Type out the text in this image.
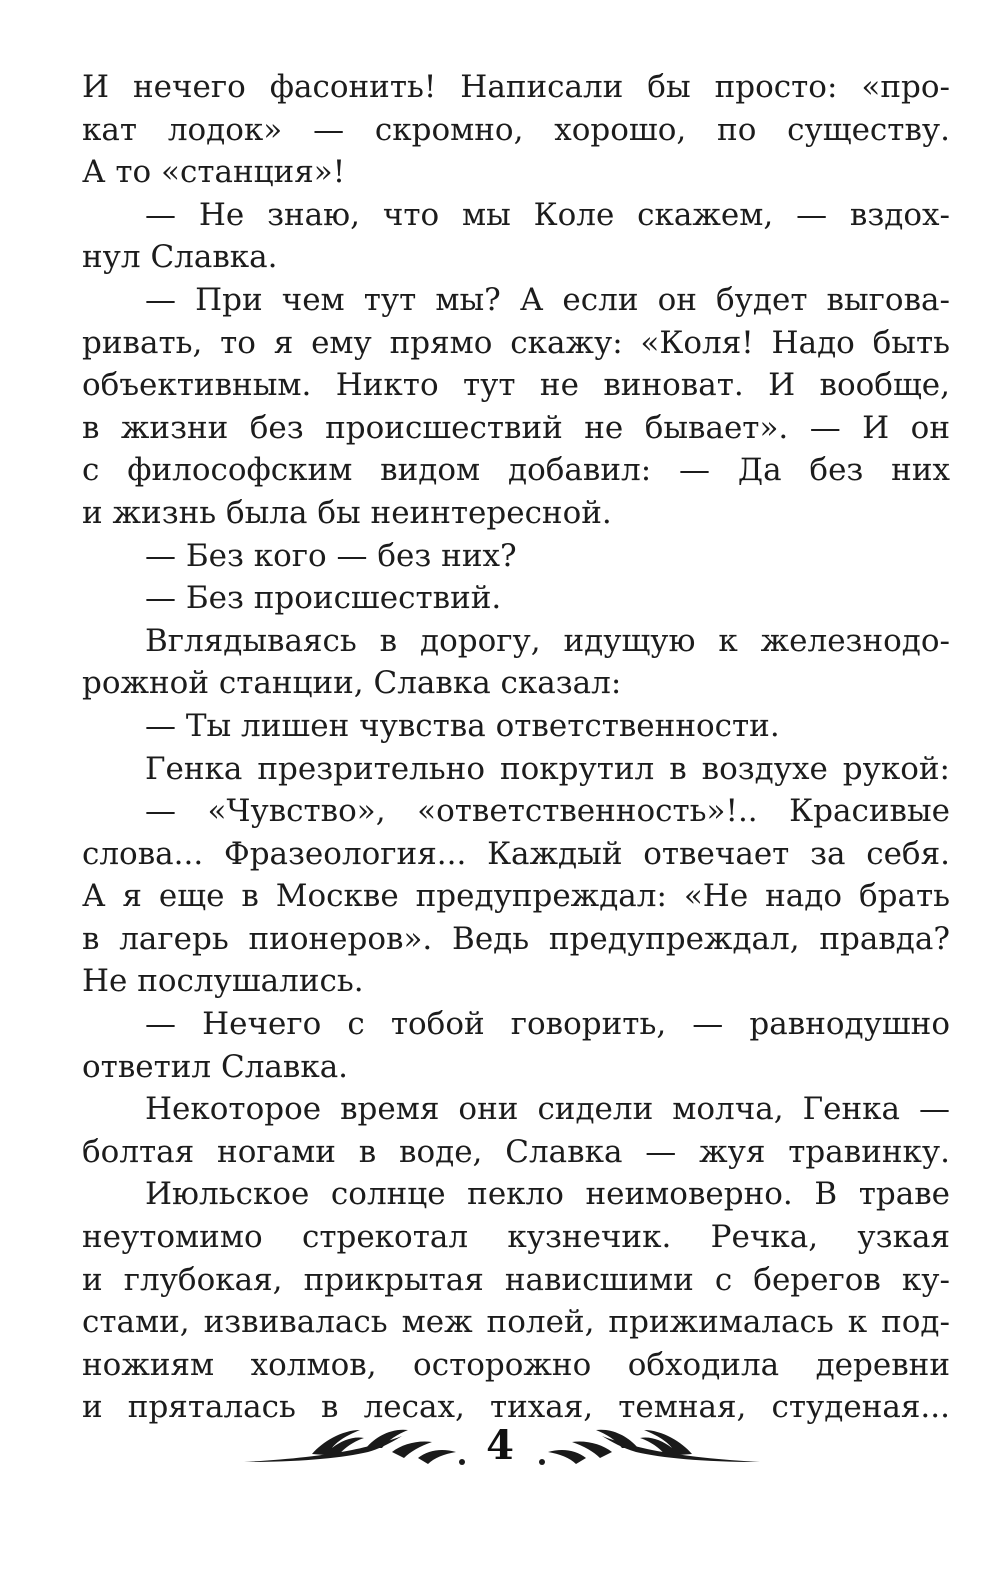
И нечего фасонить! Написали бы просто: «про-
кат лодок» — скромно, хорошо, по существу.
А то «станция»!
— Не знаю, что мы Коле скажем, — вздох-
нул Славка.
— При чем тут мы? А если он будет выгова-
ривать, то я ему прямо скажу: «Коля! Надо быть
объективным. Никто тут не виноват. И вообще,
в жизни без происшествий не бывает». — И он
с философским видом добавил: — Да без них
и жизнь была бы неинтересной.
— Без кого — без них?
— Без происшествий.
Вглядываясь в дорогу, идущую к железнодо-
рожной станции, Славка сказал:
— Ты лишен чувства ответственности.
Генка презрительно покрутил в воздухе рукой:
— «Чувство», «ответственность»!.. Красивые
слова... Фразеология... Каждый отвечает за себя.
А я еще в Москве предупреждал: «Не надо брать
в лагерь пионеров». Ведь предупреждал, правда?
Не послушались.
— Нечего с тобой говорить, — равнодушно
ответил Славка.
Некоторое время они сидели молча, Генка —
болтая ногами в воде, Славка — жуя травинку.
Июльское солнце пекло неимоверно. В траве
неутомимо стрекотал кузнечик. Речка, узкая
и глубокая, прикрытая нависшими с берегов ку-
стами, извивалась меж полей, прижималась к под-
ножиям холмов, осторожно обходила деревни
и пряталась в лесах, тихая, темная, студеная...
4
